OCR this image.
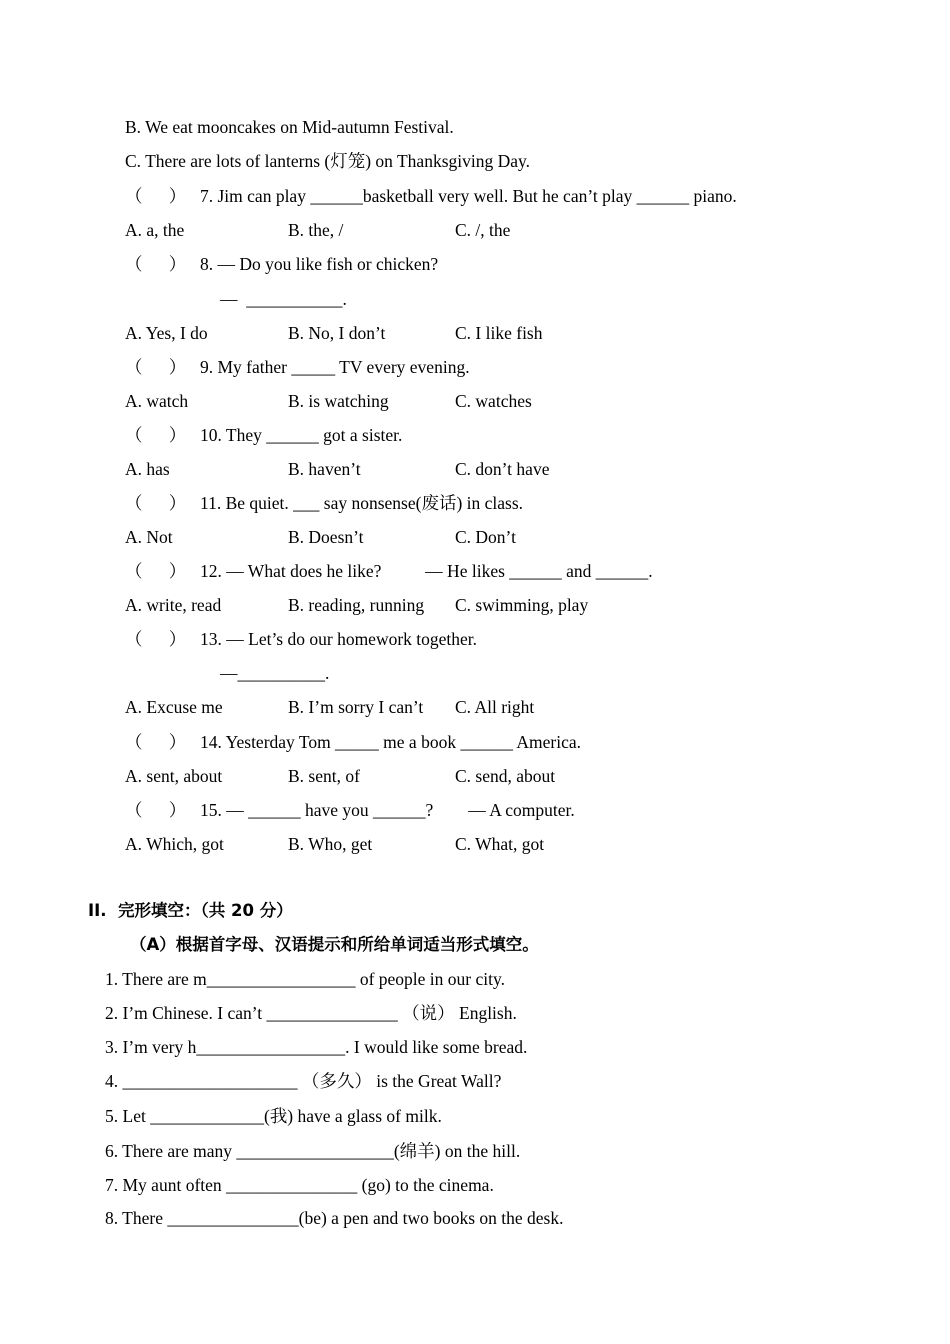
B. We eat mooncakes on Mid-autumn Festival.
C. There are lots of lanterns (灯笼) on Thanksgiving Day.
（      ） 7. Jim can play ______basketball very well. But he can’t play ______ piano.
A. a, the	B. the, /	C. /, the
（      ） 8. — Do you like fish or chicken?
—  ___________.
A. Yes, I do	B. No, I don’t	C. I like fish
（      ） 9. My father _____ TV every evening.
A. watch	B. is watching	C. watches
（      ） 10. They ______ got a sister.
A. has	B. haven’t	C. don’t have
（      ） 11. Be quiet. ___ say nonsense(废话) in class.
A. Not	B. Doesn’t	C. Don’t
（      ） 12. — What does he like?          — He likes ______ and ______.
A. write, read	B. reading, running C. swimming, play
（      ） 13. — Let’s do our homework together.
—__________.
A. Excuse me	B. I’m sorry I can’t C. All right
（      ） 14. Yesterday Tom _____ me a book ______ America.
A. sent, about	B. sent, of	C. send, about
（      ） 15. — ______ have you ______?        — A computer.
A. Which, got	B. Who, get	C. What, got
II.  完形填空：（共 20 分）
（A）根据首字母、汉语提示和所给单词适当形式填空。
1. There are m_________________ of people in our city.
2. I’m Chinese. I can’t _______________ （说） English.
3. I’m very h_________________. I would like some bread.
4. ____________________ （多久） is the Great Wall?
5. Let _____________(我) have a glass of milk.
6. There are many __________________(绵羊) on the hill.
7. My aunt often _______________ (go) to the cinema.
8. There _______________(be) a pen and two books on the desk.
